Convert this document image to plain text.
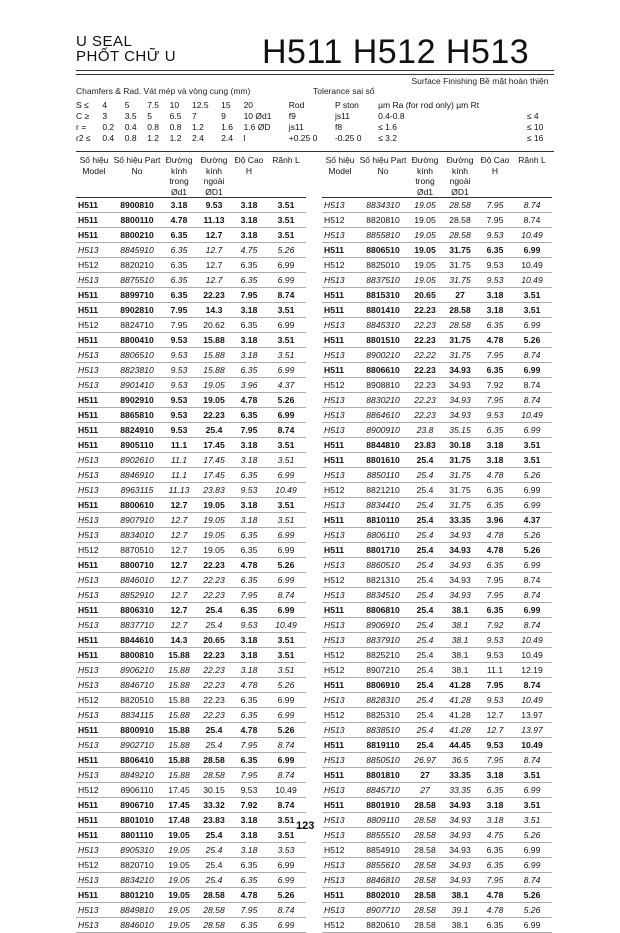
U SEAL
PHỐT CHỮ U	H511 H512 H513
Chamfers & Rad. Vát mép và vòng cung (mm)	Tolerance sai số
Surface Finishing Bề mặt hoàn thiện
S ≤	4	5	7.5	10	12.5	15	20	Rod	P ston	µm Ra (for rod only) µm Rt	
C ≥	3	3.5	5	6.5	7	9	10 Ød1	f9	js11	0.4-0.8	≤ 4
r =	0.2	0.4	0.8	0.8	1.2	1.6	1.6 ØD	js11	f8	≤ 1.6	≤ 10
r2 ≤	0.4	0.8	1.2	1.2	2.4	2.4	l	+0.25 0	-0.25 0	≤ 3.2	≤ 16
Số hiệu Model	Số hiệu Part No	Đường kính trong Ød1	Đường kính ngoài ØD1	Độ Cao H	Rãnh L
H511	8900810	3.18	9.53	3.18	3.51
H511	8800110	4.78	11.13	3.18	3.51
H511	8800210	6.35	12.7	3.18	3.51
H513	8845910	6.35	12.7	4.75	5.26
H512	8820210	6.35	12.7	6.35	6.99
H513	8875510	6.35	12.7	6.35	6.99
H511	8899710	6.35	22.23	7.95	8.74
H511	8902810	7.95	14.3	3.18	3.51
H512	8824710	7.95	20.62	6.35	6.99
H511	8800410	9.53	15.88	3.18	3.51
H513	8806510	9.53	15.88	3.18	3.51
H513	8823810	9.53	15.88	6.35	6.99
H513	8901410	9.53	19.05	3.96	4.37
H511	8902910	9.53	19.05	4.78	5.26
H511	8865810	9.53	22.23	6.35	6.99
H511	8824910	9.53	25.4	7.95	8.74
H511	8905110	11.1	17.45	3.18	3.51
H513	8902610	11.1	17.45	3.18	3.51
H513	8846910	11.1	17.45	6.35	6.99
H513	8963115	11.13	23.83	9.53	10.49
H511	8800610	12.7	19.05	3.18	3.51
H513	8907910	12.7	19.05	3.18	3.51
H513	8834010	12.7	19.05	6.35	6.99
H512	8870510	12.7	19.05	6.35	6.99
H511	8800710	12.7	22.23	4.78	5.26
H513	8846010	12.7	22.23	6.35	6.99
H513	8852910	12.7	22.23	7.95	8.74
H511	8806310	12.7	25.4	6.35	6.99
H513	8837710	12.7	25.4	9.53	10.49
H511	8844610	14.3	20.65	3.18	3.51
H511	8800810	15.88	22.23	3.18	3.51
H513	8906210	15.88	22.23	3.18	3.51
H513	8846710	15.88	22.23	4.78	5.26
H512	8820510	15.88	22.23	6.35	6.99
H513	8834115	15.88	22.23	6.35	6.99
H511	8800910	15.88	25.4	4.78	5.26
H513	8902710	15.88	25.4	7.95	8.74
H511	8806410	15.88	28.58	6.35	6.99
H513	8849210	15.88	28.58	7.95	8.74
H512	8906110	17.45	30.15	9.53	10.49
H511	8906710	17.45	33.32	7.92	8.74
H511	8801010	17.48	23.83	3.18	3.51
H511	8801110	19.05	25.4	3.18	3.51
H513	8905310	19.05	25.4	3.18	3.53
H512	8820710	19.05	25.4	6.35	6.99
H513	8834210	19.05	25.4	6.35	6.99
H511	8801210	19.05	28.58	4.78	5.26
H513	8849810	19.05	28.58	7.95	8.74
H513	8846010	19.05	28.58	6.35	6.99
Số hiệu Model	Số hiệu Part No	Đường kính trong Ød1	Đường kính ngoài ØD1	Độ Cao H	Rãnh L
H513	8834310	19.05	28.58	7.95	8.74
H512	8820810	19.05	28.58	7.95	8.74
H513	8855810	19.05	28.58	9.53	10.49
H511	8806510	19.05	31.75	6.35	6.99
H512	8825010	19.05	31.75	9.53	10.49
H513	8837510	19.05	31.75	9.53	10.49
H511	8815310	20.65	27	3.18	3.51
H511	8801410	22.23	28.58	3.18	3.51
H513	8845310	22.23	28.58	6.35	6.99
H511	8801510	22.23	31.75	4.78	5.26
H513	8900210	22.22	31.75	7.95	8.74
H511	8806610	22.23	34.93	6.35	6.99
H512	8908810	22.23	34.93	7.92	8.74
H513	8830210	22.23	34.93	7.95	8.74
H513	8864610	22.23	34.93	9.53	10.49
H513	8900910	23.8	35.15	6.35	6.99
H511	8844810	23.83	30.18	3.18	3.51
H511	8801610	25.4	31.75	3.18	3.51
H513	8850110	25.4	31.75	4.78	5.26
H512	8821210	25.4	31.75	6.35	6.99
H513	8834410	25.4	31.75	6.35	6.99
H511	8810110	25.4	33.35	3.96	4.37
H513	8806110	25.4	34.93	4.78	5.26
H511	8801710	25.4	34.93	4.78	5.26
H513	8860510	25.4	34.93	6.35	6.99
H512	8821310	25.4	34.93	7.95	8.74
H513	8834510	25.4	34.93	7.95	8.74
H511	8806810	25.4	38.1	6.35	6.99
H513	8906910	25.4	38.1	7.92	8.74
H513	8837910	25.4	38.1	9.53	10.49
H512	8825210	25.4	38.1	9.53	10.49
H512	8907210	25.4	38.1	11.1	12.19
H511	8806910	25.4	41.28	7.95	8.74
H513	8828310	25.4	41.28	9.53	10.49
H512	8825310	25.4	41.28	12.7	13.97
H513	8838510	25.4	41.28	12.7	13.97
H511	8819110	25.4	44.45	9.53	10.49
H513	8850510	26.97	36.5	7.95	8.74
H511	8801810	27	33.35	3.18	3.51
H513	8845710	27	33.35	6.35	6.99
H511	8801910	28.58	34.93	3.18	3.51
H513	8809110	28.58	34.93	3.18	3.51
H513	8855510	28.58	34.93	4.75	5.26
H512	8854910	28.58	34.93	6.35	6.99
H513	8855610	28.58	34.93	6.35	6.99
H513	8846810	28.58	34.93	7.95	8.74
H511	8802010	28.58	38.1	4.78	5.26
H513	8907710	28.58	39.1	4.78	5.26
H512	8820610	28.58	38.1	6.35	6.99
123
